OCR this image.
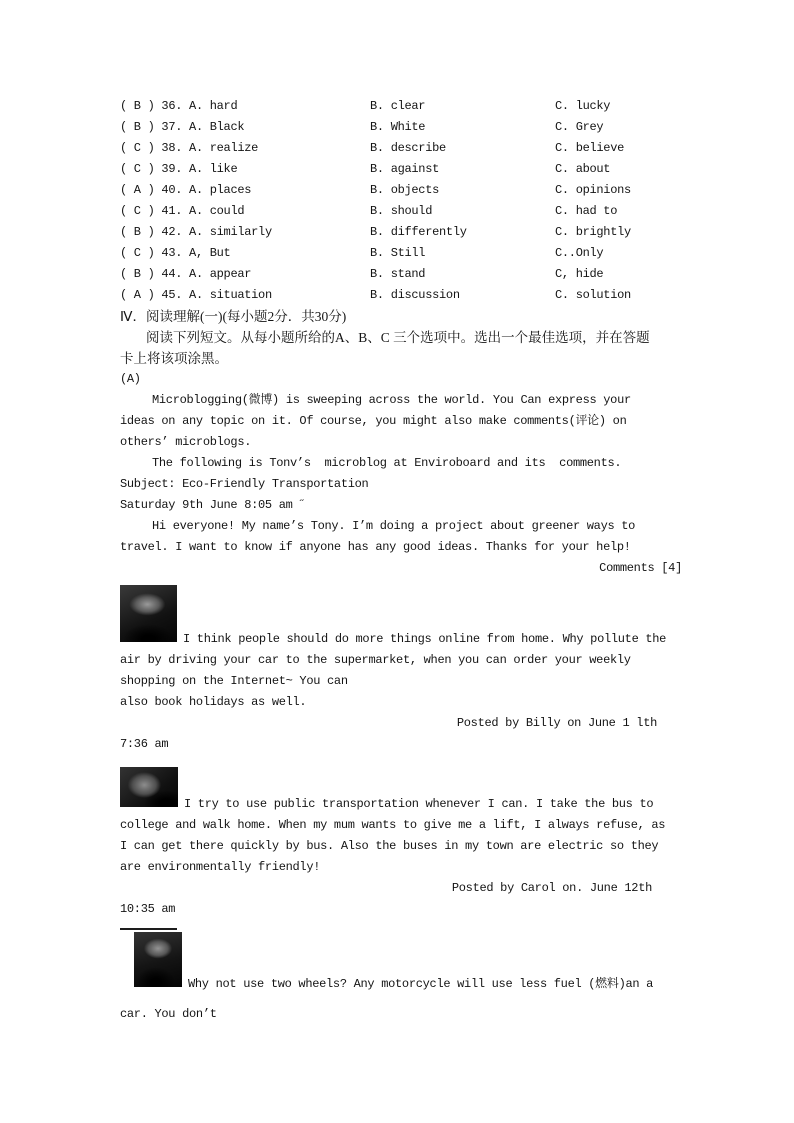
( B ) 36. A. hard	B. clear	C. lucky
( B ) 37. A. Black	B. White	C. Grey
( C ) 38. A. realize	B. describe	C. believe
( C ) 39. A. like	B. against	C. about
( A ) 40. A. places	B. objects	C. opinions
( C ) 41. A. could	B. should	C. had to
( B ) 42. A. similarly	B. differently	C. brightly
( C ) 43. A, But	B. Still	C..Only
( B ) 44. A. appear	B. stand	C, hide
( A ) 45. A. situation	B. discussion	C. solution
Ⅳ．阅读理解(一)(每小题2分．共30分)
阅读下列短文。从每小题所给的A、B、C 三个选项中。选出一个最佳选项，并在答题
卡上将该项涂黑。
(A)
Microblogging(微博) is sweeping across the world. You Can express your
ideas on any topic on it. Of course, you might also make comments(评论) on
others’ microblogs.
The following is Tonv’s  microblog at Enviroboard and its  comments.
Subject: Eco-Friendly Transportation
Saturday 9th June 8:05 am ˝
Hi everyone! My name’s Tony. I’m doing a project about greener ways to
travel. I want to know if anyone has any good ideas. Thanks for your help!
Comments [4]
I think people should do more things online from home. Why pollute the
air by driving your car to the supermarket, when you can order your weekly
shopping on the Internet~ You can
also book holidays as well.
Posted by Billy on June 1 lth
7:36 am
I try to use public transportation whenever I can. I take the bus to
college and walk home. When my mum wants to give me a lift, I always refuse, as
I can get there quickly by bus. Also the buses in my town are electric so they
are environmentally friendly!
Posted by Carol on. June 12th
10:35 am
Why not use two wheels? Any motorcycle will use less fuel (燃料)an a
car. You don’t
